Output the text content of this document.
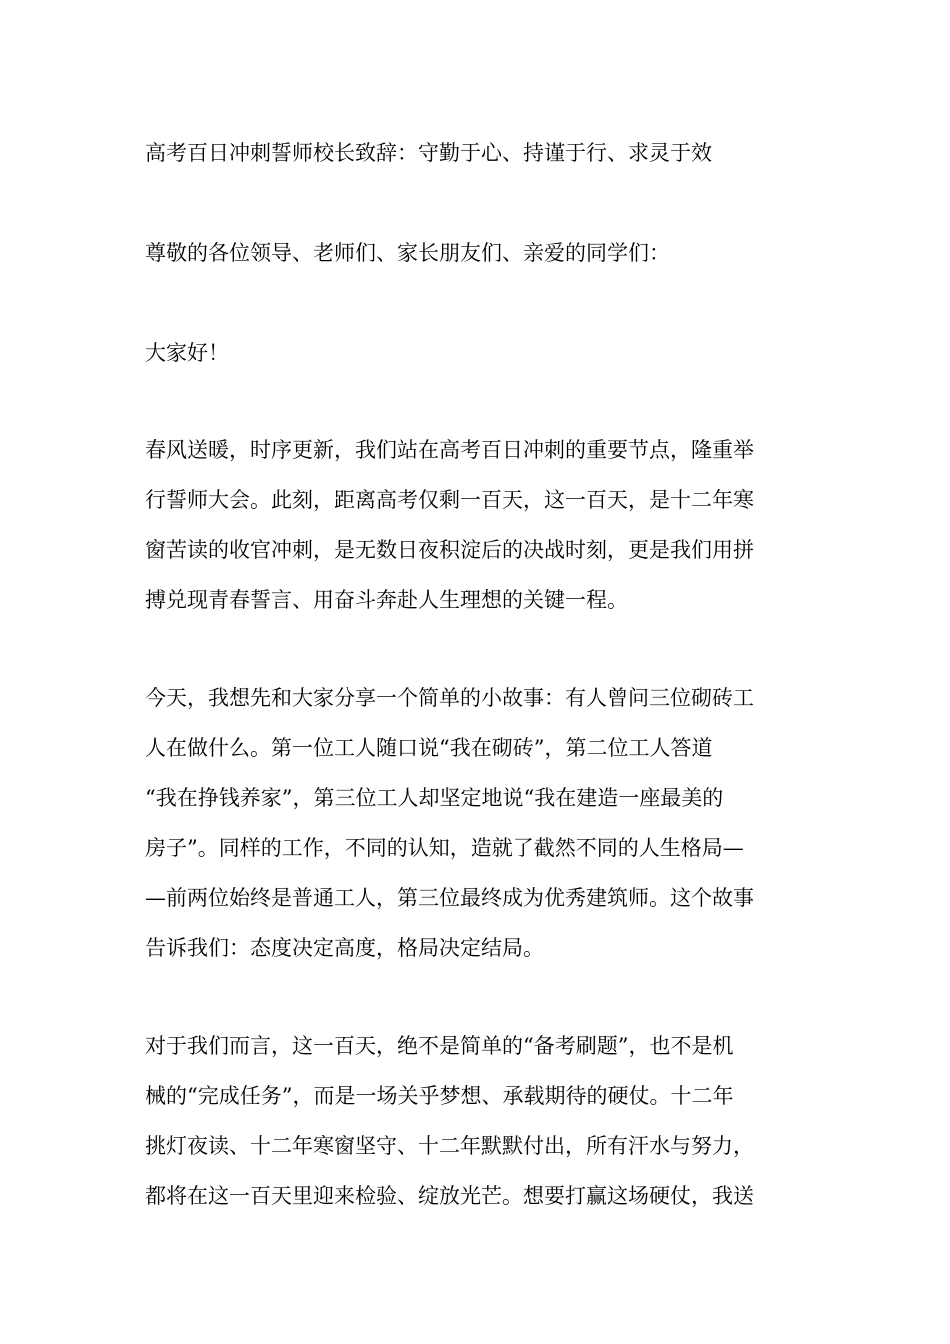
高考百日冲刺誓师校长致辞：守勤于心、持谨于行、求灵于效
尊敬的各位领导、老师们、家长朋友们、亲爱的同学们：
大家好！
春风送暖，时序更新，我们站在高考百日冲刺的重要节点，隆重举
行誓师大会。此刻，距离高考仅剩一百天，这一百天，是十二年寒
窗苦读的收官冲刺，是无数日夜积淀后的决战时刻，更是我们用拼
搏兑现青春誓言、用奋斗奔赴人生理想的关键一程。
今天，我想先和大家分享一个简单的小故事：有人曾问三位砌砖工
人在做什么。第一位工人随口说“我在砌砖”，第二位工人答道
“我在挣钱养家”，第三位工人却坚定地说“我在建造一座最美的
房子”。同样的工作，不同的认知，造就了截然不同的人生格局—
—前两位始终是普通工人，第三位最终成为优秀建筑师。这个故事
告诉我们：态度决定高度，格局决定结局。
对于我们而言，这一百天，绝不是简单的“备考刷题”，也不是机
械的“完成任务”，而是一场关乎梦想、承载期待的硬仗。十二年
挑灯夜读、十二年寒窗坚守、十二年默默付出，所有汗水与努力，
都将在这一百天里迎来检验、绽放光芒。想要打赢这场硬仗，我送
